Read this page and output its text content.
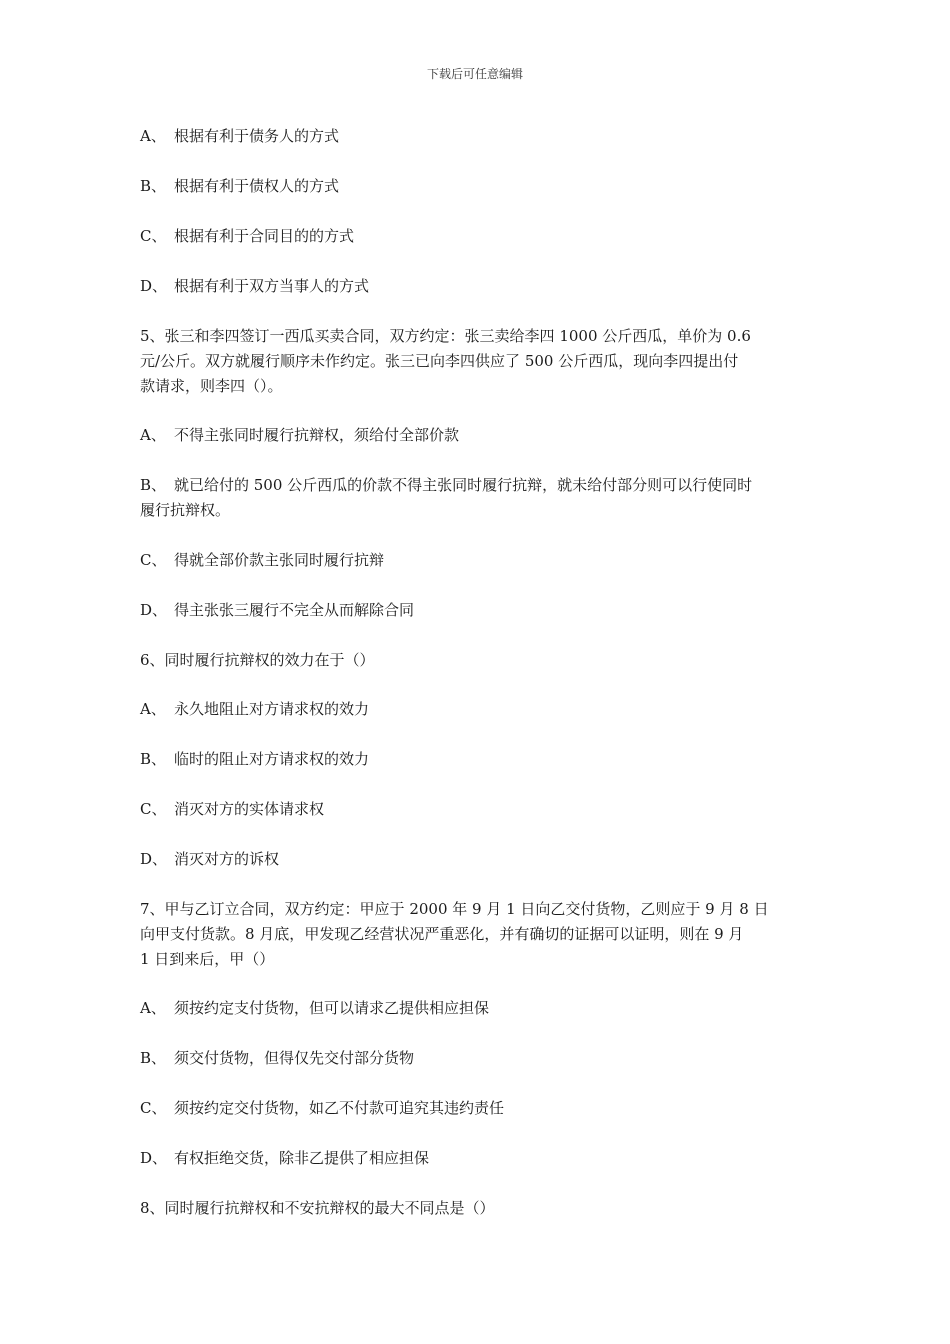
下载后可任意编辑
A、 根据有利于债务人的方式
B、 根据有利于债权人的方式
C、 根据有利于合同目的的方式
D、 根据有利于双方当事人的方式
5、张三和李四签订一西瓜买卖合同，双方约定：张三卖给李四 1000 公斤西瓜，单价为 0.6
元/公斤。双方就履行顺序未作约定。张三已向李四供应了 500 公斤西瓜，现向李四提出付
款请求，则李四（）。
A、 不得主张同时履行抗辩权，须给付全部价款
B、 就已给付的 500 公斤西瓜的价款不得主张同时履行抗辩，就未给付部分则可以行使同时
履行抗辩权。
C、 得就全部价款主张同时履行抗辩
D、 得主张张三履行不完全从而解除合同
6、同时履行抗辩权的效力在于（）
A、 永久地阻止对方请求权的效力
B、 临时的阻止对方请求权的效力
C、 消灭对方的实体请求权
D、 消灭对方的诉权
7、甲与乙订立合同，双方约定：甲应于 2000 年 9 月 1 日向乙交付货物，乙则应于 9 月 8 日
向甲支付货款。8 月底，甲发现乙经营状况严重恶化，并有确切的证据可以证明，则在 9 月
1 日到来后，甲（）
A、 须按约定支付货物，但可以请求乙提供相应担保
B、 须交付货物，但得仅先交付部分货物
C、 须按约定交付货物，如乙不付款可追究其违约责任
D、 有权拒绝交货，除非乙提供了相应担保
8、同时履行抗辩权和不安抗辩权的最大不同点是（）
